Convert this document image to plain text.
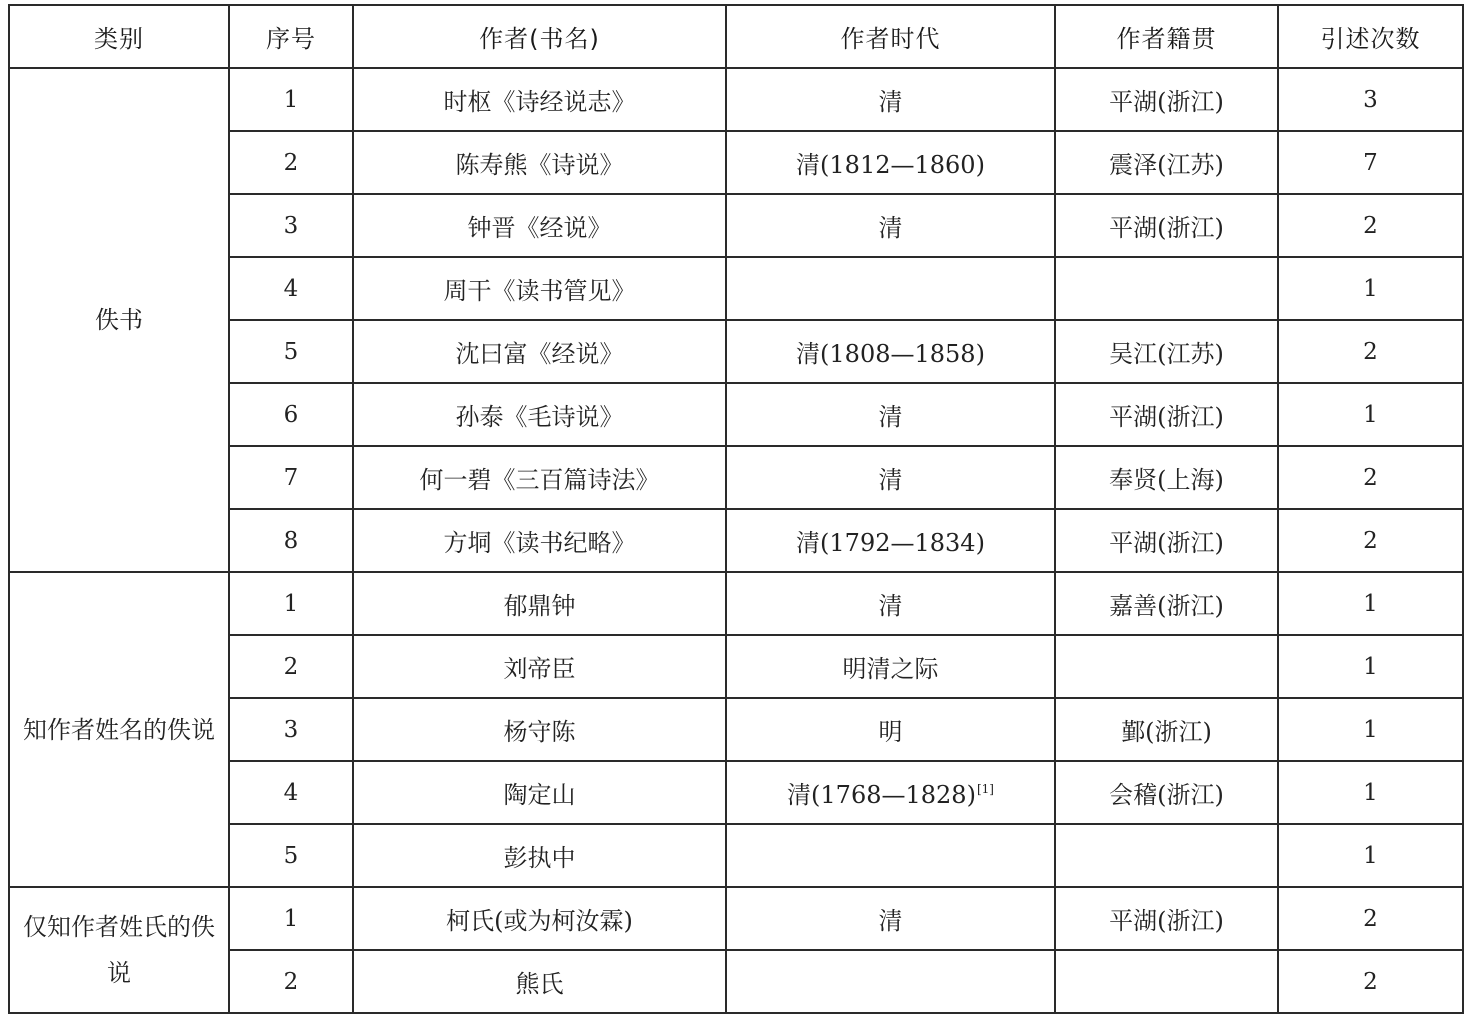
类别	序号	作者(书名)	作者时代	作者籍贯	引述次数
佚书	1	时枢《诗经说志》	清	平湖(浙江)	3
	2	陈寿熊《诗说》	清(1812—1860)	震泽(江苏)	7
	3	钟晋《经说》	清	平湖(浙江)	2
	4	周干《读书管见》			1
	5	沈曰富《经说》	清(1808—1858)	吴江(江苏)	2
	6	孙泰《毛诗说》	清	平湖(浙江)	1
	7	何一碧《三百篇诗法》	清	奉贤(上海)	2
	8	方垌《读书纪略》	清(1792—1834)	平湖(浙江)	2
知作者姓名的佚说	1	郁鼎钟	清	嘉善(浙江)	1
	2	刘帝臣	明清之际		1
	3	杨守陈	明	鄞(浙江)	1
	4	陶定山	清(1768—1828)[1]	会稽(浙江)	1
	5	彭执中			1
仅知作者姓氏的佚说	1	柯氏(或为柯汝霖)	清	平湖(浙江)	2
	2	熊氏			2
